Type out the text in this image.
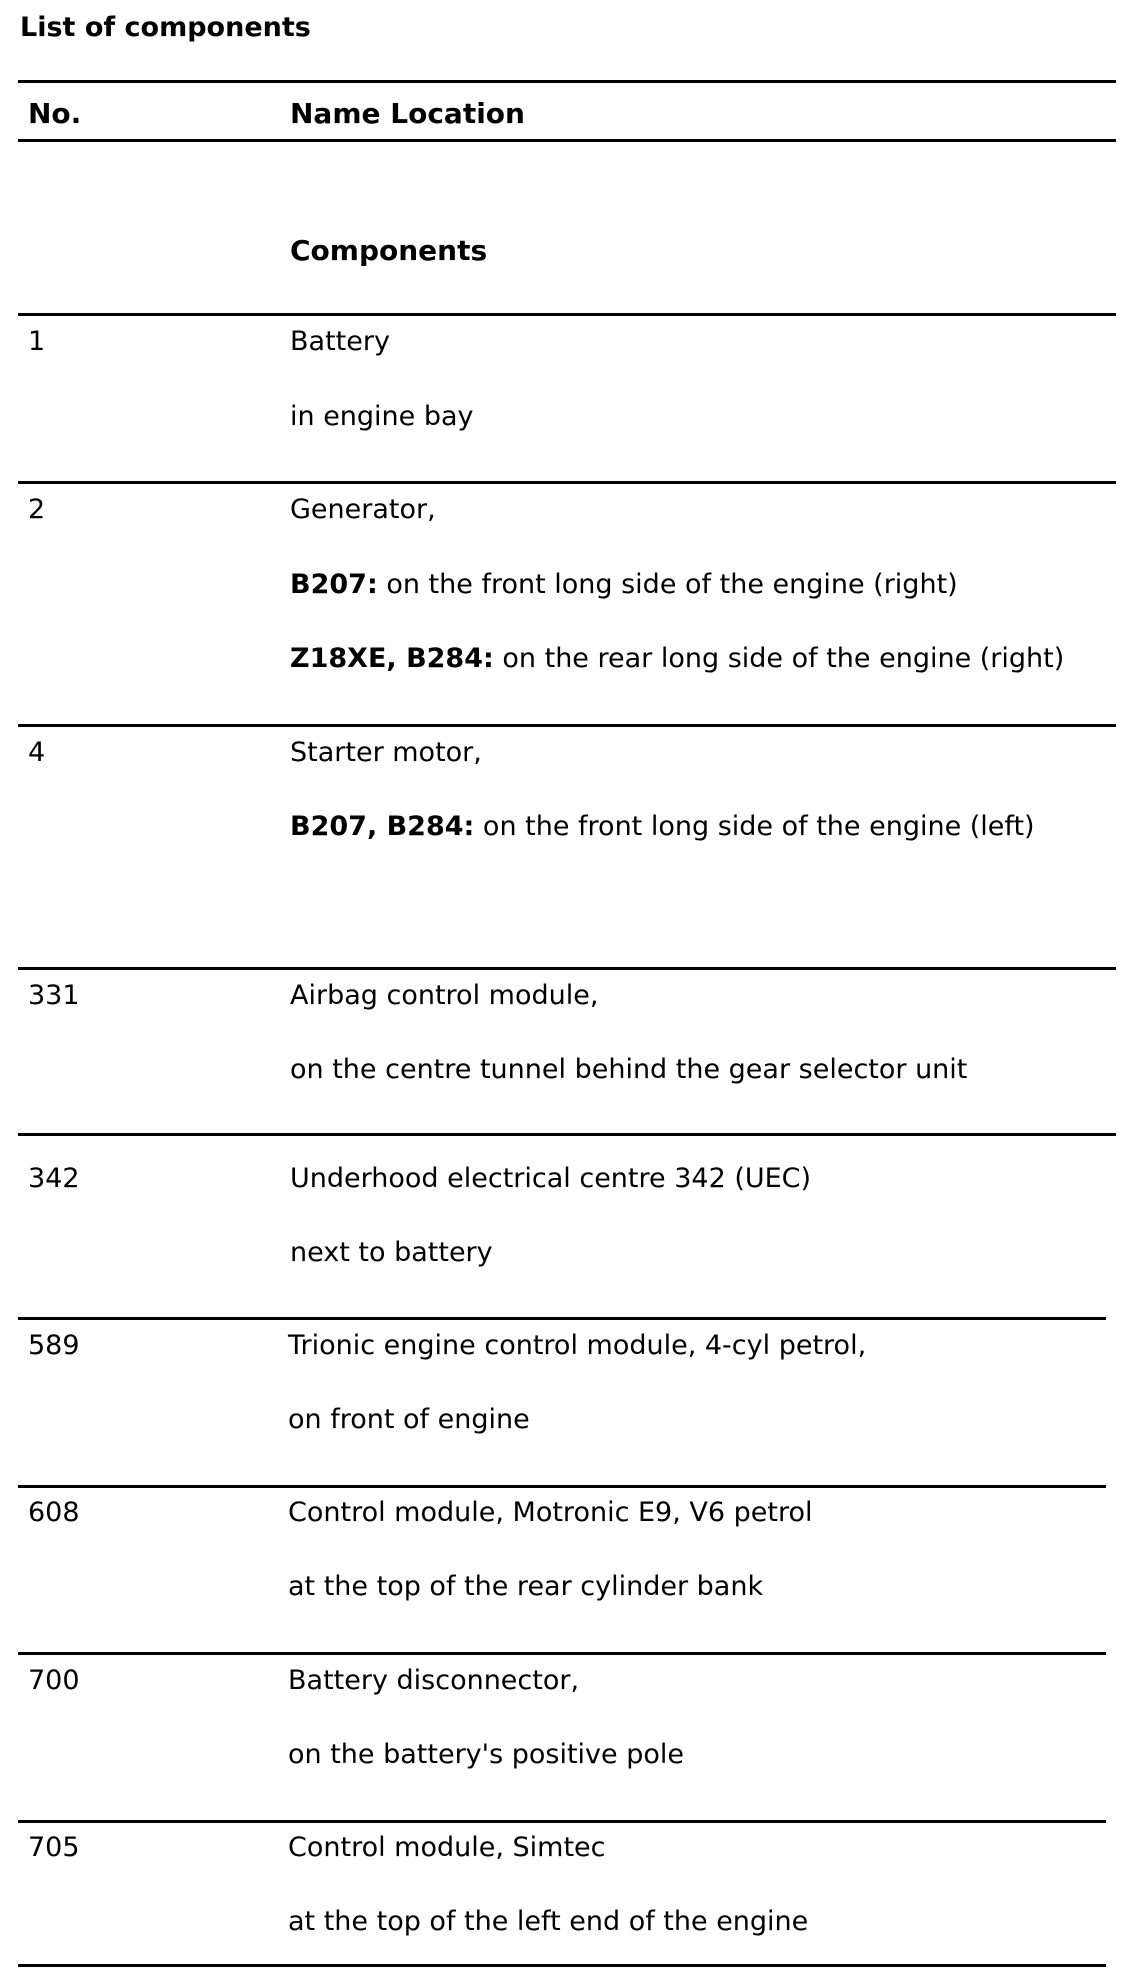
List of components
No.	Name Location
Components
1	Battery
in engine bay
2	Generator,
B207: on the front long side of the engine (right)
Z18XE, B284: on the rear long side of the engine (right)
4	Starter motor,
B207, B284: on the front long side of the engine (left)
331	Airbag control module,
on the centre tunnel behind the gear selector unit
342	Underhood electrical centre 342 (UEC)
next to battery
589	Trionic engine control module, 4-cyl petrol,
on front of engine
608	Control module, Motronic E9, V6 petrol
at the top of the rear cylinder bank
700	Battery disconnector,
on the battery's positive pole
705	Control module, Simtec
at the top of the left end of the engine
